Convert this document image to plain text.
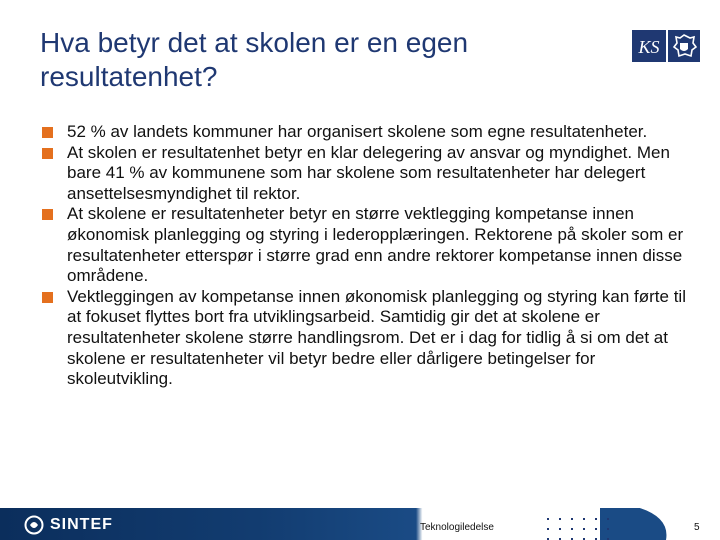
Hva betyr det at skolen er en egen resultatenhet?
KS
52 % av landets kommuner har organisert skolene som egne resultatenheter.
At skolen er resultatenhet betyr en klar delegering av ansvar og myndighet. Men bare 41 % av kommunene som har skolene som resultatenheter har delegert ansettelsesmyndighet til rektor.
At skolene er resultatenheter betyr en større vektlegging kompetanse innen økonomisk planlegging og styring i lederopplæringen. Rektorene på skoler som er resultatenheter etterspør i større grad enn andre rektorer kompetanse innen disse områdene.
Vektleggingen av kompetanse innen økonomisk planlegging og styring kan førte til at fokuset flyttes bort fra utviklingsarbeid. Samtidig gir det at skolene er resultatenheter skolene større handlingsrom. Det er i dag for tidlig å si om det at skolene er resultatenheter vil betyr bedre eller dårligere betingelser for skoleutvikling.
SINTEF	Teknologiledelse	5
